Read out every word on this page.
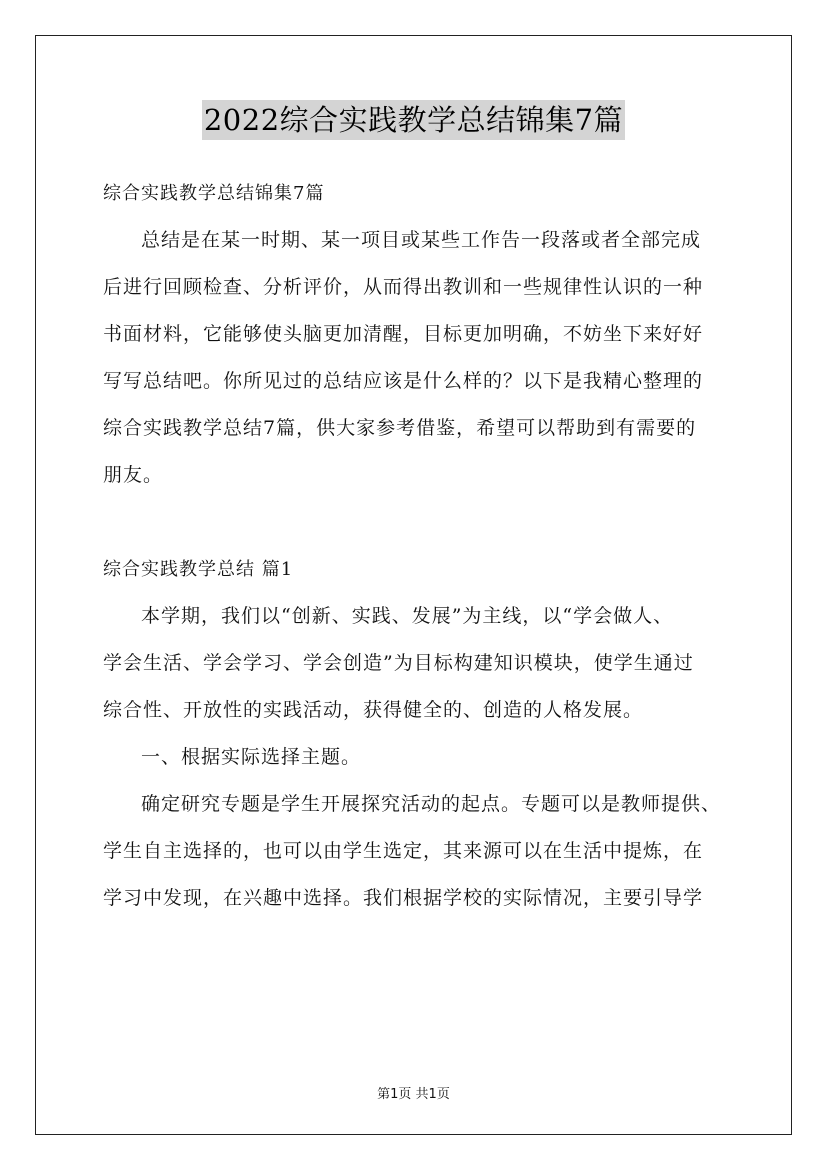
2022综合实践教学总结锦集7篇
综合实践教学总结锦集7篇
总结是在某一时期、某一项目或某些工作告一段落或者全部完成
后进行回顾检查、分析评价，从而得出教训和一些规律性认识的一种
书面材料，它能够使头脑更加清醒，目标更加明确，不妨坐下来好好
写写总结吧。你所见过的总结应该是什么样的？以下是我精心整理的
综合实践教学总结7篇，供大家参考借鉴，希望可以帮助到有需要的
朋友。
综合实践教学总结 篇1
本学期，我们以“创新、实践、发展”为主线，以“学会做人、
学会生活、学会学习、学会创造”为目标构建知识模块，使学生通过
综合性、开放性的实践活动，获得健全的、创造的人格发展。
一、根据实际选择主题。
确定研究专题是学生开展探究活动的起点。专题可以是教师提供、
学生自主选择的，也可以由学生选定，其来源可以在生活中提炼，在
学习中发现，在兴趣中选择。我们根据学校的实际情况，主要引导学
第1页 共1页
